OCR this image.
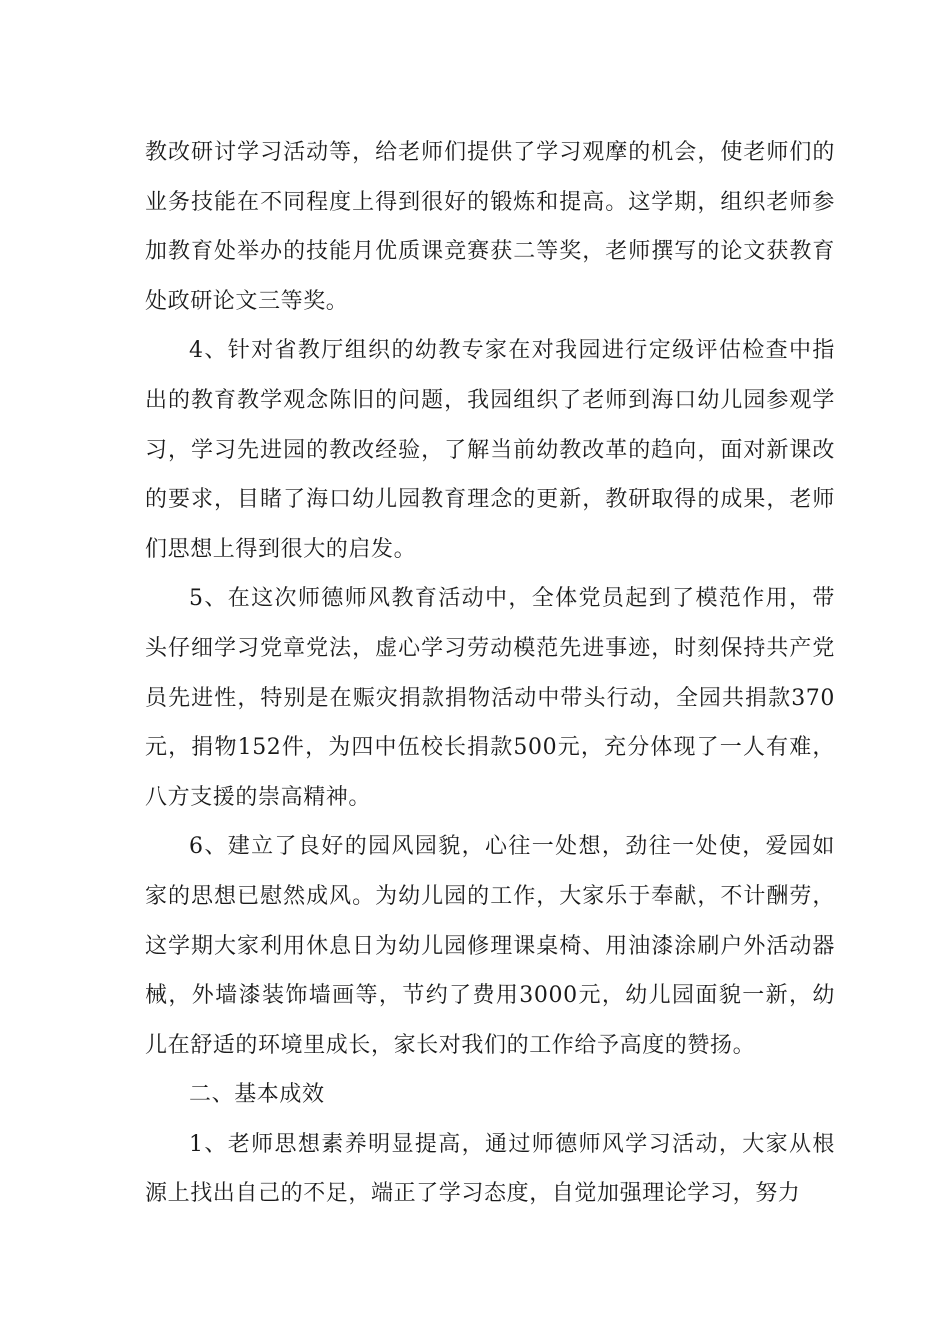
教改研讨学习活动等，给老师们提供了学习观摩的机会，使老师们的业务技能在不同程度上得到很好的锻炼和提高。这学期，组织老师参加教育处举办的技能月优质课竞赛获二等奖，老师撰写的论文获教育处政研论文三等奖。

4、针对省教厅组织的幼教专家在对我园进行定级评估检查中指出的教育教学观念陈旧的问题，我园组织了老师到海口幼儿园参观学习，学习先进园的教改经验，了解当前幼教改革的趋向，面对新课改的要求，目睹了海口幼儿园教育理念的更新，教研取得的成果，老师们思想上得到很大的启发。

5、在这次师德师风教育活动中，全体党员起到了模范作用，带头仔细学习党章党法，虚心学习劳动模范先进事迹，时刻保持共产党员先进性，特别是在赈灾捐款捐物活动中带头行动，全园共捐款370元，捐物152件，为四中伍校长捐款500元，充分体现了一人有难，八方支援的崇高精神。

6、建立了良好的园风园貌，心往一处想，劲往一处使，爱园如家的思想已慰然成风。为幼儿园的工作，大家乐于奉献，不计酬劳，这学期大家利用休息日为幼儿园修理课桌椅、用油漆涂刷户外活动器械，外墙漆装饰墙画等，节约了费用3000元，幼儿园面貌一新，幼儿在舒适的环境里成长，家长对我们的工作给予高度的赞扬。

二、基本成效

1、老师思想素养明显提高，通过师德师风学习活动，大家从根源上找出自己的不足，端正了学习态度，自觉加强理论学习，努力
